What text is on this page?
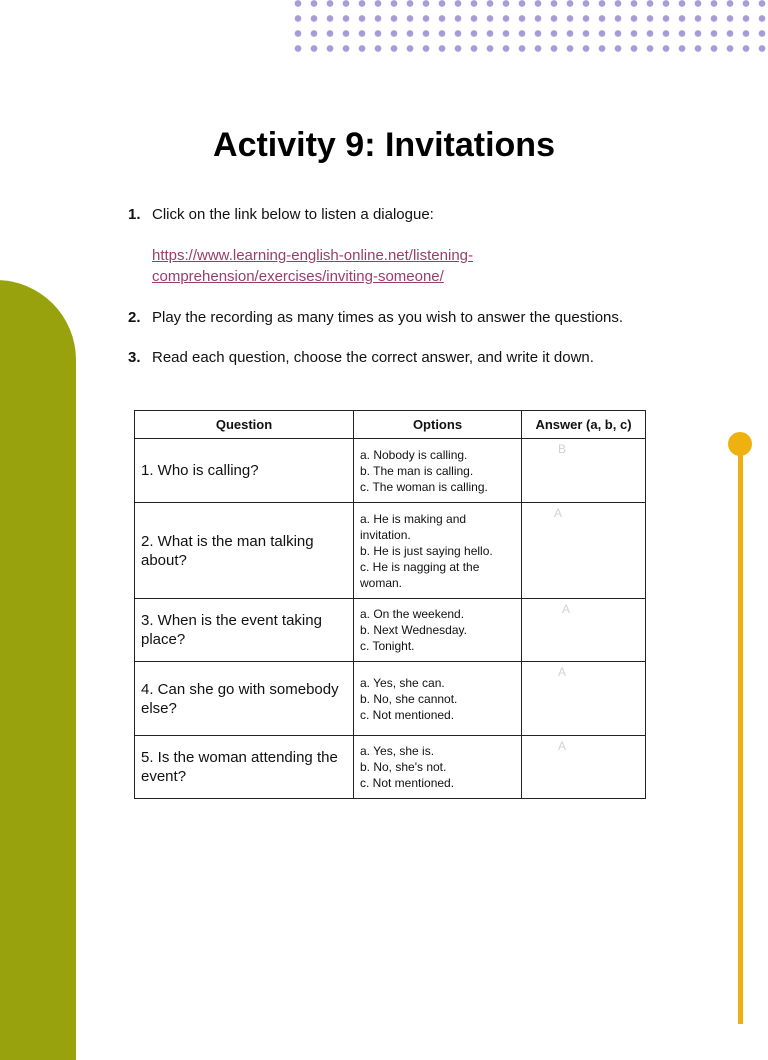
Activity 9: Invitations
1. Click on the link below to listen a dialogue:
https://www.learning-english-online.net/listening-
comprehension/exercises/inviting-someone/
2. Play the recording as many times as you wish to answer the questions.
3. Read each question, choose the correct answer, and write it down.
Question	Options	Answer (a, b, c)
1. Who is calling?	a. Nobody is calling.
b. The man is calling.
c. The woman is calling.	B

2. What is the man talking about?	a. He is making and invitation.
b. He is just saying hello.
c. He is nagging at the woman.	A

3. When is the event taking place?	a. On the weekend.
b. Next Wednesday.
c. Tonight.	A

4. Can she go with somebody else?	a. Yes, she can.
b. No, she cannot.
c. Not mentioned.	A

5. Is the woman attending the event?	a. Yes, she is.
b. No, she's not.
c. Not mentioned.	A
